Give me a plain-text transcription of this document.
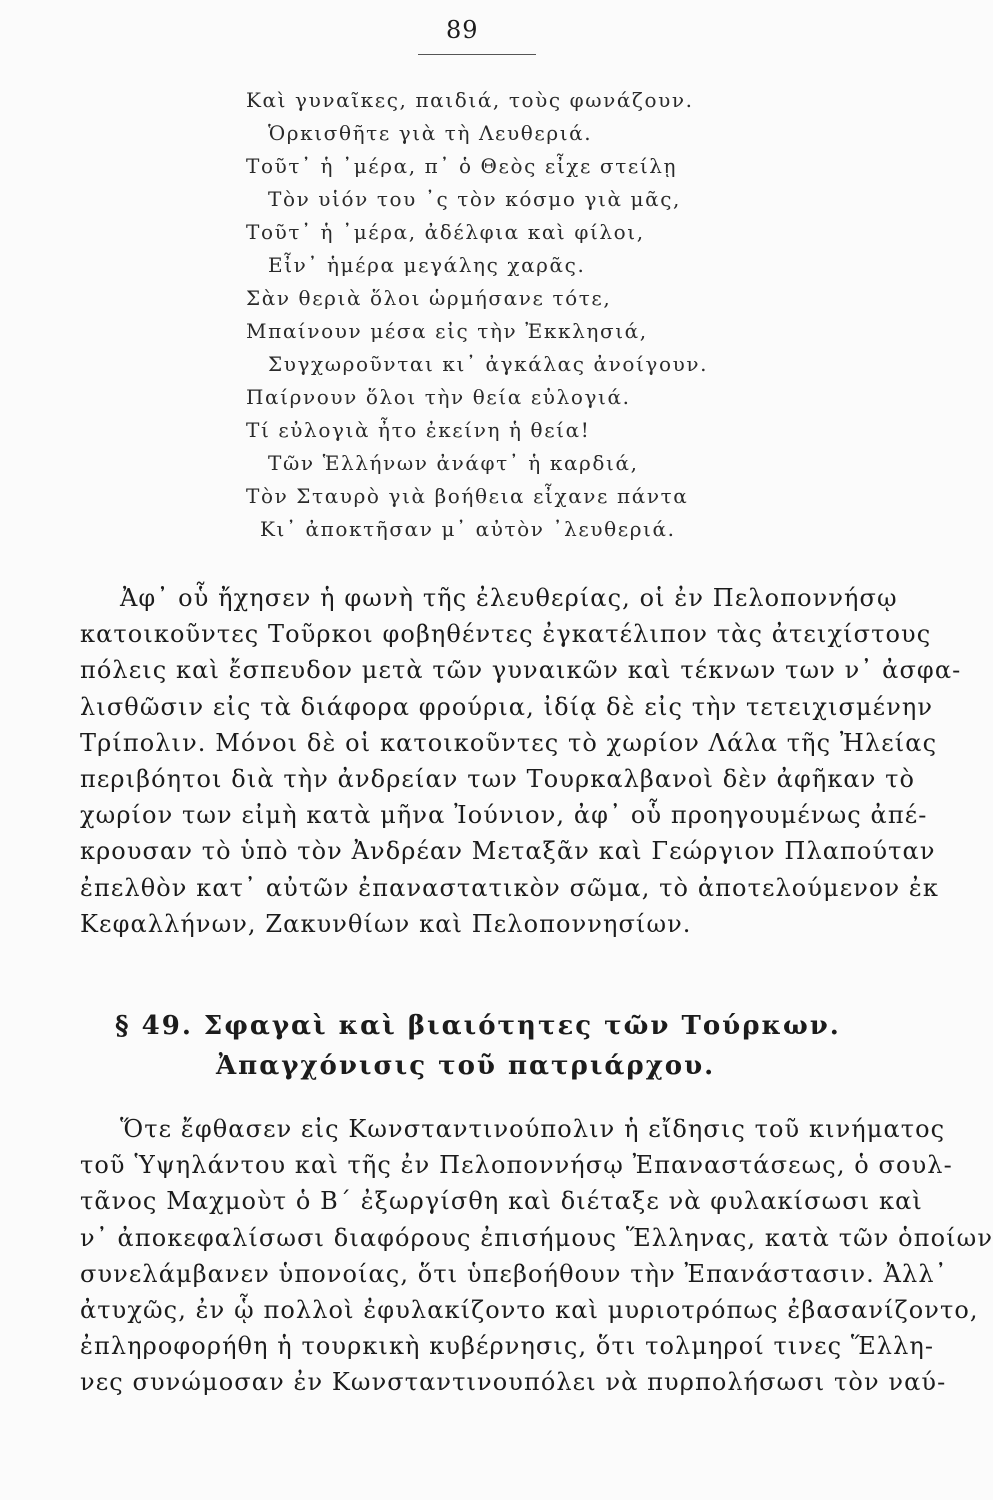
89
Καὶ γυναῖκες, παιδιά, τοὺς φωνάζουν.
Ὁρκισθῆτε γιὰ τὴ Λευθεριά.
Τοῦτ᾽ ἡ ᾽μέρα, π᾽ ὁ Θεὸς εἶχε στείλῃ
Τὸν υἱόν του ᾽ς τὸν κόσμο γιὰ μᾶς,
Τοῦτ᾽ ἡ ᾽μέρα, ἀδέλφια καὶ φίλοι,
Εἶν᾽ ἡμέρα μεγάλης χαρᾶς.
Σὰν θεριὰ ὅλοι ὡρμήσανε τότε,
Μπαίνουν μέσα εἰς τὴν Ἐκκλησιά,
Συγχωροῦνται κι᾽ ἀγκάλας ἀνοίγουν.
Παίρνουν ὅλοι τὴν θεία εὐλογιά.
Τί εὐλογιὰ ἦτο ἐκείνη ἡ θεία!
Τῶν Ἑλλήνων ἀνάφτ᾽ ἡ καρδιά,
Τὸν Σταυρὸ γιὰ βοήθεια εἶχανε πάντα
Κι᾽ ἀποκτῆσαν μ᾽ αὐτὸν ᾽λευθεριά.
Ἀφ᾽ οὗ ἤχησεν ἡ φωνὴ τῆς ἐλευθερίας, οἱ ἐν Πελοποννήσῳ
κατοικοῦντες Τοῦρκοι φοβηθέντες ἐγκατέλιπον τὰς ἀτειχίστους
πόλεις καὶ ἔσπευδον μετὰ τῶν γυναικῶν καὶ τέκνων των ν᾽ ἀσφα-
λισθῶσιν εἰς τὰ διάφορα φρούρια, ἰδίᾳ δὲ εἰς τὴν τετειχισμένην
Τρίπολιν. Μόνοι δὲ οἱ κατοικοῦντες τὸ χωρίον Λάλα τῆς Ἠλείας
περιβόητοι διὰ τὴν ἀνδρείαν των Τουρκαλβανοὶ δὲν ἀφῆκαν τὸ
χωρίον των εἰμὴ κατὰ μῆνα Ἰούνιον, ἀφ᾽ οὗ προηγουμένως ἀπέ-
κρουσαν τὸ ὑπὸ τὸν Ἀνδρέαν Μεταξᾶν καὶ Γεώργιον Πλαπούταν
ἐπελθὸν κατ᾽ αὐτῶν ἐπαναστατικὸν σῶμα, τὸ ἀποτελούμενον ἐκ
Κεφαλλήνων, Ζακυνθίων καὶ Πελοποννησίων.
§ 49. Σφαγαὶ καὶ βιαιότητες τῶν Τούρκων.
Ἀπαγχόνισις τοῦ πατριάρχου.
Ὅτε ἔφθασεν εἰς Κωνσταντινούπολιν ἡ εἴδησις τοῦ κινήματος
τοῦ Ὑψηλάντου καὶ τῆς ἐν Πελοποννήσῳ Ἐπαναστάσεως, ὁ σουλ-
τᾶνος Μαχμοὺτ ὁ Β΄ ἐξωργίσθη καὶ διέταξε νὰ φυλακίσωσι καὶ
ν᾽ ἀποκεφαλίσωσι διαφόρους ἐπισήμους Ἕλληνας, κατὰ τῶν ὁποίων
συνελάμβανεν ὑπονοίας, ὅτι ὑπεβοήθουν τὴν Ἐπανάστασιν. Ἀλλ᾽
ἀτυχῶς, ἐν ᾧ πολλοὶ ἐφυλακίζοντο καὶ μυριοτρόπως ἐβασανίζοντο,
ἐπληροφορήθη ἡ τουρκικὴ κυβέρνησις, ὅτι τολμηροί τινες Ἕλλη-
νες συνώμοσαν ἐν Κωνσταντινουπόλει νὰ πυρπολήσωσι τὸν ναύ-
